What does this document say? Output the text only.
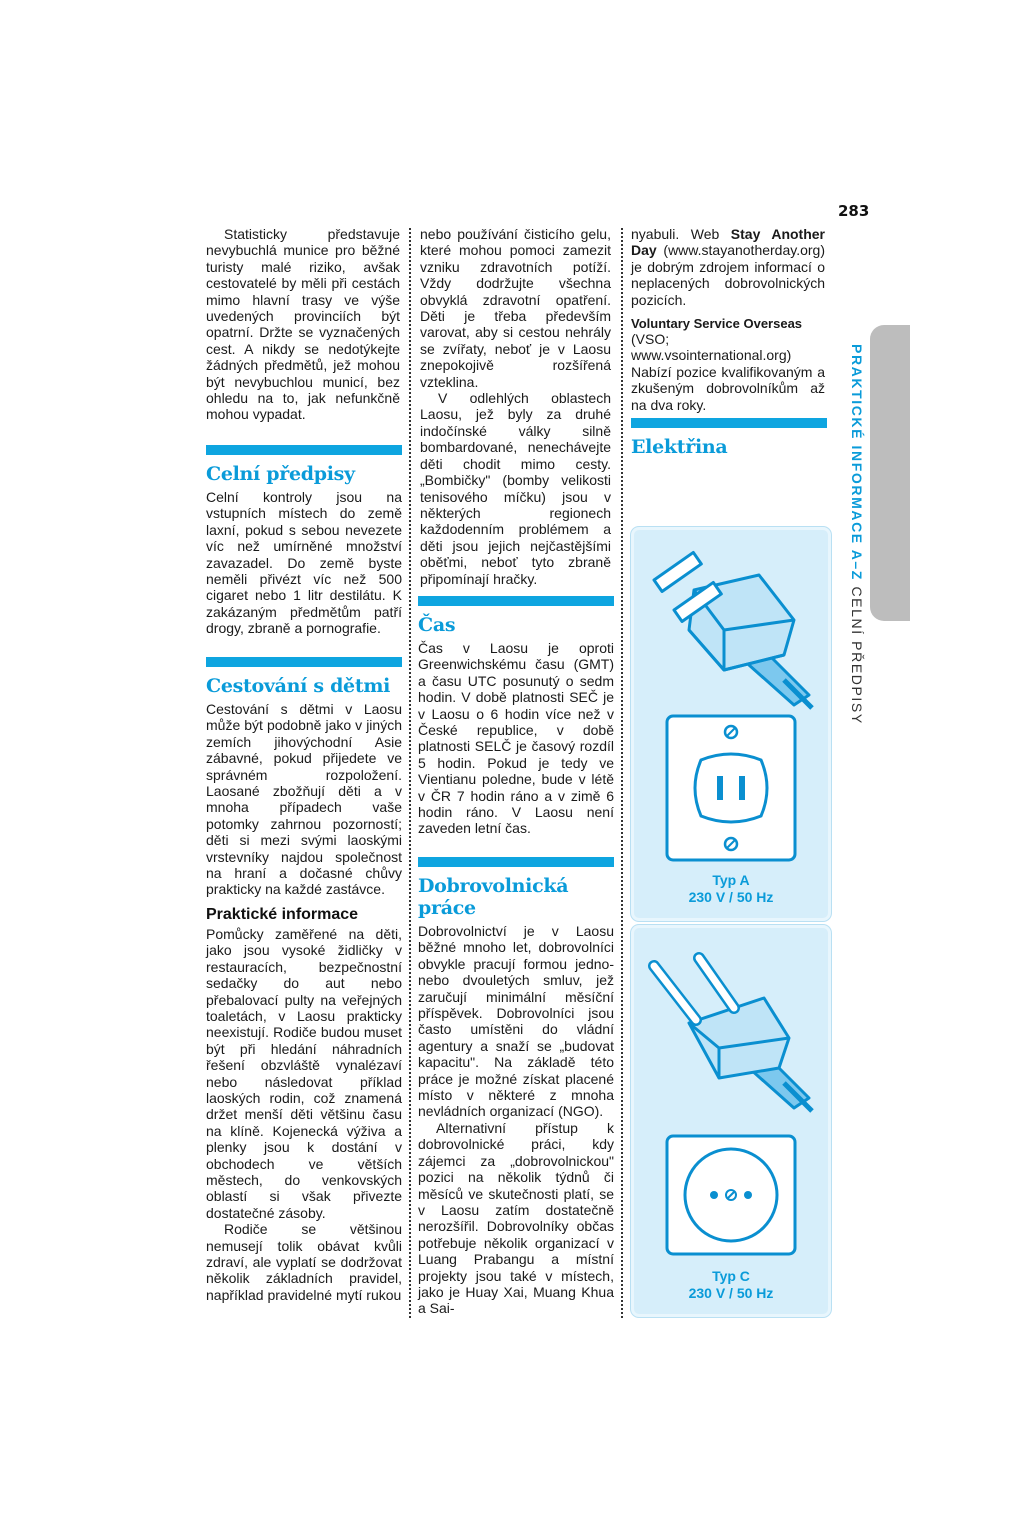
283

Statisticky představuje nevybuchlá munice pro běžné turisty malé riziko, avšak cestovatelé by měli při cestách mimo hlavní trasy ve výše uvedených provinciích být opatrní. Držte se vyznačených cest. A nikdy se nedotýkejte žádných předmětů, jež mohou být nevybuchlou municí, bez ohledu na to, jak nefunkčně mohou vypadat.

Celní předpisy

Celní kontroly jsou na vstupních místech do země laxní, pokud s sebou nevezete víc než umírněné množství zavazadel. Do země byste neměli přivézt víc než 500 cigaret nebo 1 litr destilátu. K zakázaným předmětům patří drogy, zbraně a pornografie.

Cestování s dětmi

Cestování s dětmi v Laosu může být podobně jako v jiných zemích jihovýchodní Asie zábavné, pokud přijedete ve správném rozpoložení. Laosané zbožňují děti a v mnoha případech vaše potomky zahrnou pozorností; děti si mezi svými laoskými vrstevníky najdou společnost na hraní a dočasné chůvy prakticky na každé zastávce.

Praktické informace

Pomůcky zaměřené na děti, jako jsou vysoké židličky v restauracích, bezpečnostní sedačky do aut nebo přebalovací pulty na veřejných toaletách, v Laosu prakticky neexistují. Rodiče budou muset být při hledání náhradních řešení obzvláště vynalézaví nebo následovat příklad laoských rodin, což znamená držet menší děti většinu času na klíně. Kojenecká výživa a plenky jsou k dostání v obchodech ve větších městech, do venkovských oblastí si však přivezte dostatečné zásoby.

Rodiče se většinou nemusejí tolik obávat kvůli zdraví, ale vyplatí se dodržovat několik základních pravidel, například pravidelné mytí rukou

nebo používání čisticího gelu, které mohou pomoci zamezit vzniku zdravotních potíží. Vždy dodržujte všechna obvyklá zdravotní opatření. Děti je třeba především varovat, aby si cestou nehrály se zvířaty, neboť je v Laosu znepokojivě rozšířená vzteklina.

V odlehlých oblastech Laosu, jež byly za druhé indočínské války silně bombardované, nenechávejte děti chodit mimo cesty. „Bombičky" (bomby velikosti tenisového míčku) jsou v některých regionech každodenním problémem a děti jsou jejich nejčastějšími oběťmi, neboť tyto zbraně připomínají hračky.

Čas

Čas v Laosu je oproti Greenwichskému času (GMT) a času UTC posunutý o sedm hodin. V době platnosti SEČ je v Laosu o 6 hodin více než v České republice, v době platnosti SELČ je časový rozdíl 5 hodin. Pokud je tedy ve Vientianu poledne, bude v létě v ČR 7 hodin ráno a v zimě 6 hodin ráno. V Laosu není zaveden letní čas.

Dobrovolnická práce

Dobrovolnictví je v Laosu běžné mnoho let, dobrovolníci obvykle pracují formou jedno- nebo dvouletých smluv, jež zaručují minimální měsíční příspěvek. Dobrovolníci jsou často umístěni do vládní agentury a snaží se „budovat kapacitu". Na základě této práce je možné získat placené místo v některé z mnoha nevládních organizací (NGO).

Alternativní přístup k dobrovolnické práci, kdy zájemci za „dobrovolnickou" pozici na několik týdnů či měsíců ve skutečnosti platí, se v Laosu zatím dostatečně nerozšířil. Dobrovolníky občas potřebuje několik organizací v Luang Prabangu a místní projekty jsou také v místech, jako je Huay Xai, Muang Khua a Sai-

nyabuli. Web Stay Another Day (www.stayanotherday.org) je dobrým zdrojem informací o neplacených dobrovolnických pozicích.

Voluntary Service Overseas

(VSO; www.vsointernational.org) Nabízí pozice kvalifikovaným a zkušeným dobrovolníkům až na dva roky.

Elektřina
Typ A
230 V / 50 Hz
Typ C
230 V / 50 Hz
PRAKTICKÉ INFORMACE A–Z CELNÍ PŘEDPISY
